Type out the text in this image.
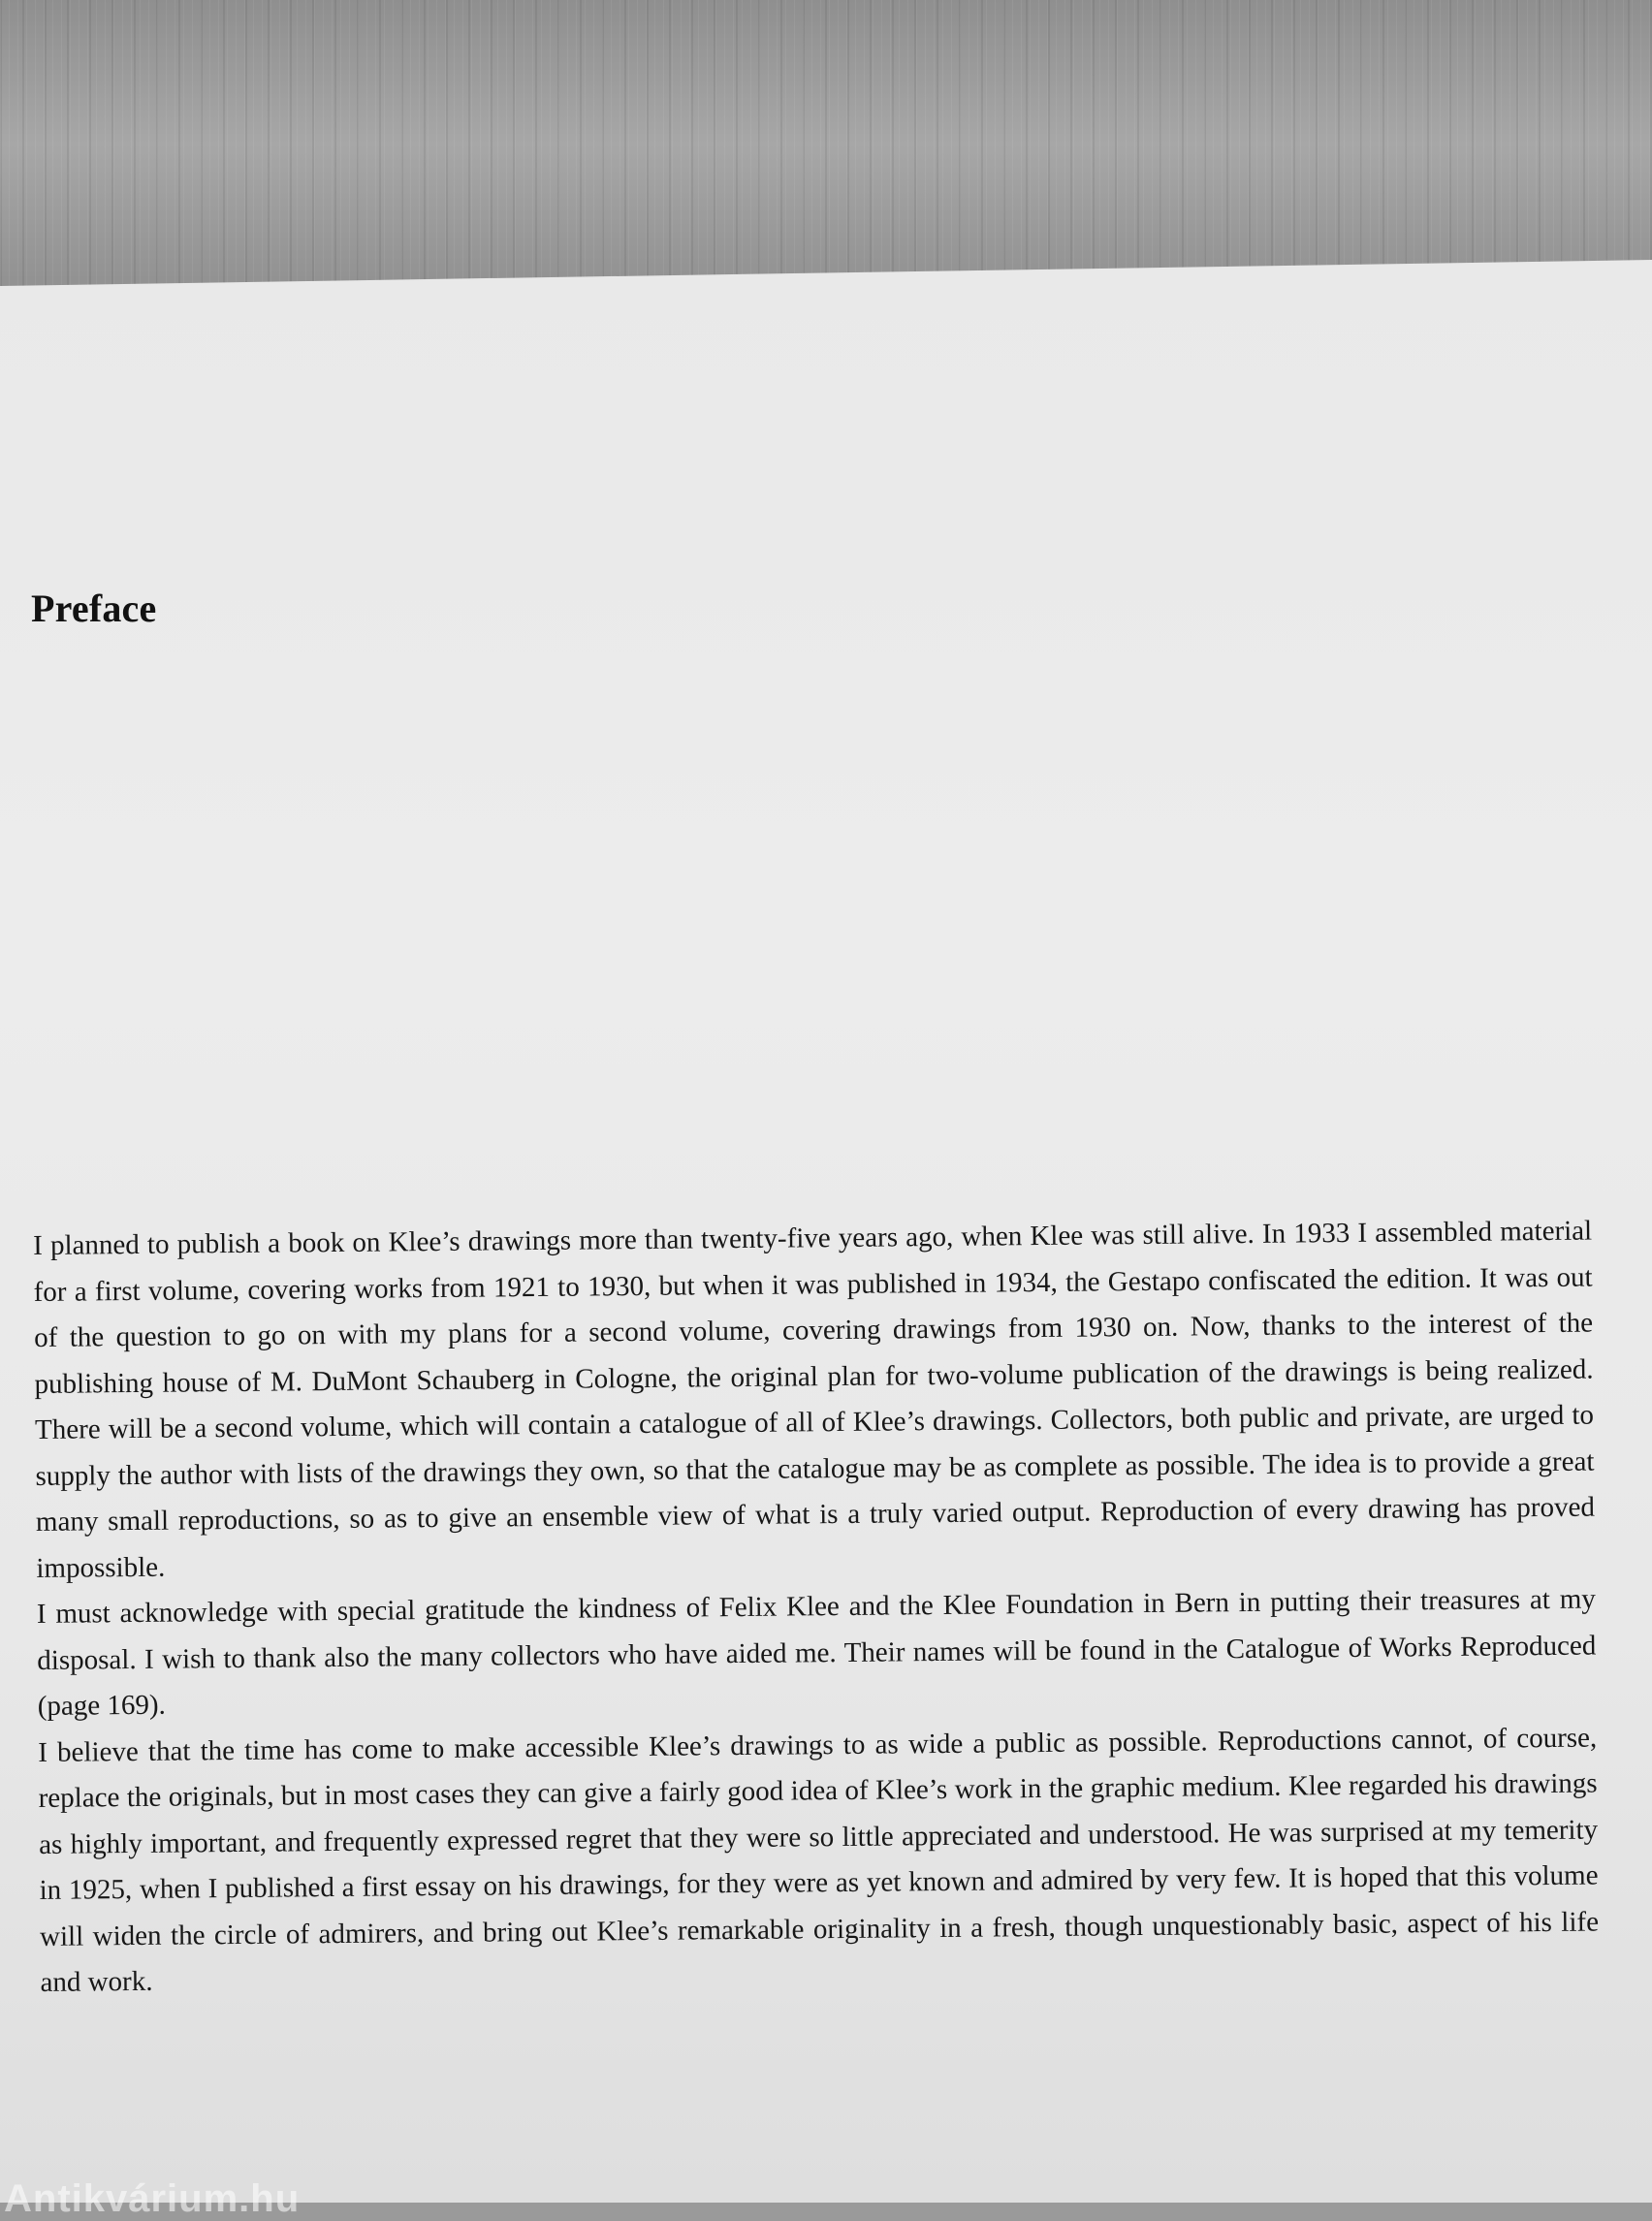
Preface

I planned to publish a book on Klee’s drawings more than twenty-five years ago, when Klee was still alive. In 1933 I assembled material for a first volume, covering works from 1921 to 1930, but when it was published in 1934, the Gestapo confiscated the edition. It was out of the question to go on with my plans for a second volume, covering drawings from 1930 on. Now, thanks to the interest of the publishing house of M. DuMont Schauberg in Cologne, the original plan for two-volume publication of the drawings is being realized. There will be a second volume, which will contain a catalogue of all of Klee’s drawings. Collectors, both public and private, are urged to supply the author with lists of the drawings they own, so that the catalogue may be as complete as possible. The idea is to provide a great many small reproductions, so as to give an ensemble view of what is a truly varied output. Reproduction of every drawing has proved impossible.

I must acknowledge with special gratitude the kindness of Felix Klee and the Klee Foundation in Bern in putting their treasures at my disposal. I wish to thank also the many collectors who have aided me. Their names will be found in the Catalogue of Works Reproduced (page 169).

I believe that the time has come to make accessible Klee’s drawings to as wide a public as possible. Reproductions cannot, of course, replace the originals, but in most cases they can give a fairly good idea of Klee’s work in the graphic medium. Klee regarded his drawings as highly important, and frequently expressed regret that they were so little appreciated and understood. He was surprised at my temerity in 1925, when I published a first essay on his drawings, for they were as yet known and admired by very few. It is hoped that this volume will widen the circle of admirers, and bring out Klee’s remarkable originality in a fresh, though unquestionably basic, aspect of his life and work.

Antikvárium.hu
